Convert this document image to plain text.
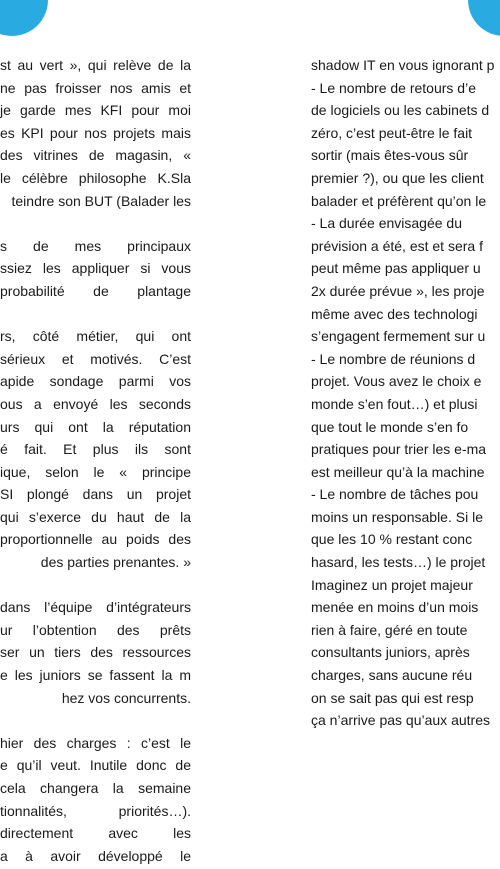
st au vert », qui relève de la
ne pas froisser nos amis et
je garde mes KFI pour moi
es KPI pour nos projets mais
des vitrines de magasin, «
le célèbre philosophe K.Sla
teindre son BUT (Balader les
s de mes principaux
ssiez les appliquer si vous
probabilité de plantage
rs, côté métier, qui ont
sérieux et motivés. C’est
apide sondage parmi vos
ous a envoyé les seconds
urs qui ont la réputation
é fait. Et plus ils sont
ique, selon le « principe
SI plongé dans un projet
qui s’exerce du haut de la
proportionnelle au poids des
des parties prenantes. »
dans l’équipe d’intégrateurs
ur l’obtention des prêts
ser un tiers des ressources
e les juniors se fassent la m
hez vos concurrents.
hier des charges : c’est le
e qu’il veut. Inutile donc de
cela changera la semaine
tionnalités, priorités…).
directement avec les
a à avoir développé le
shadow IT en vous ignorant p
- Le nombre de retours d’e
de logiciels ou les cabinets d
zéro, c’est peut-être le fait
sortir (mais êtes-vous sûr
premier ?), ou que les client
balader et préfèrent qu’on le
- La durée envisagée du
prévision a été, est et sera f
peut même pas appliquer u
2x durée prévue », les proje
même avec des technologi
s’engagent fermement sur u
- Le nombre de réunions d
projet. Vous avez le choix e
monde s’en fout…) et plusi
que tout le monde s’en fo
pratiques pour trier les e-ma
est meilleur qu’à la machine
- Le nombre de tâches pou
moins un responsable. Si le
que les 10 % restant conc
hasard, les tests…) le projet
Imaginez un projet majeur
menée en moins d’un mois
rien à faire, géré en toute
consultants juniors, après
charges, sans aucune réu
on se sait pas qui est resp
ça n’arrive pas qu’aux autres
